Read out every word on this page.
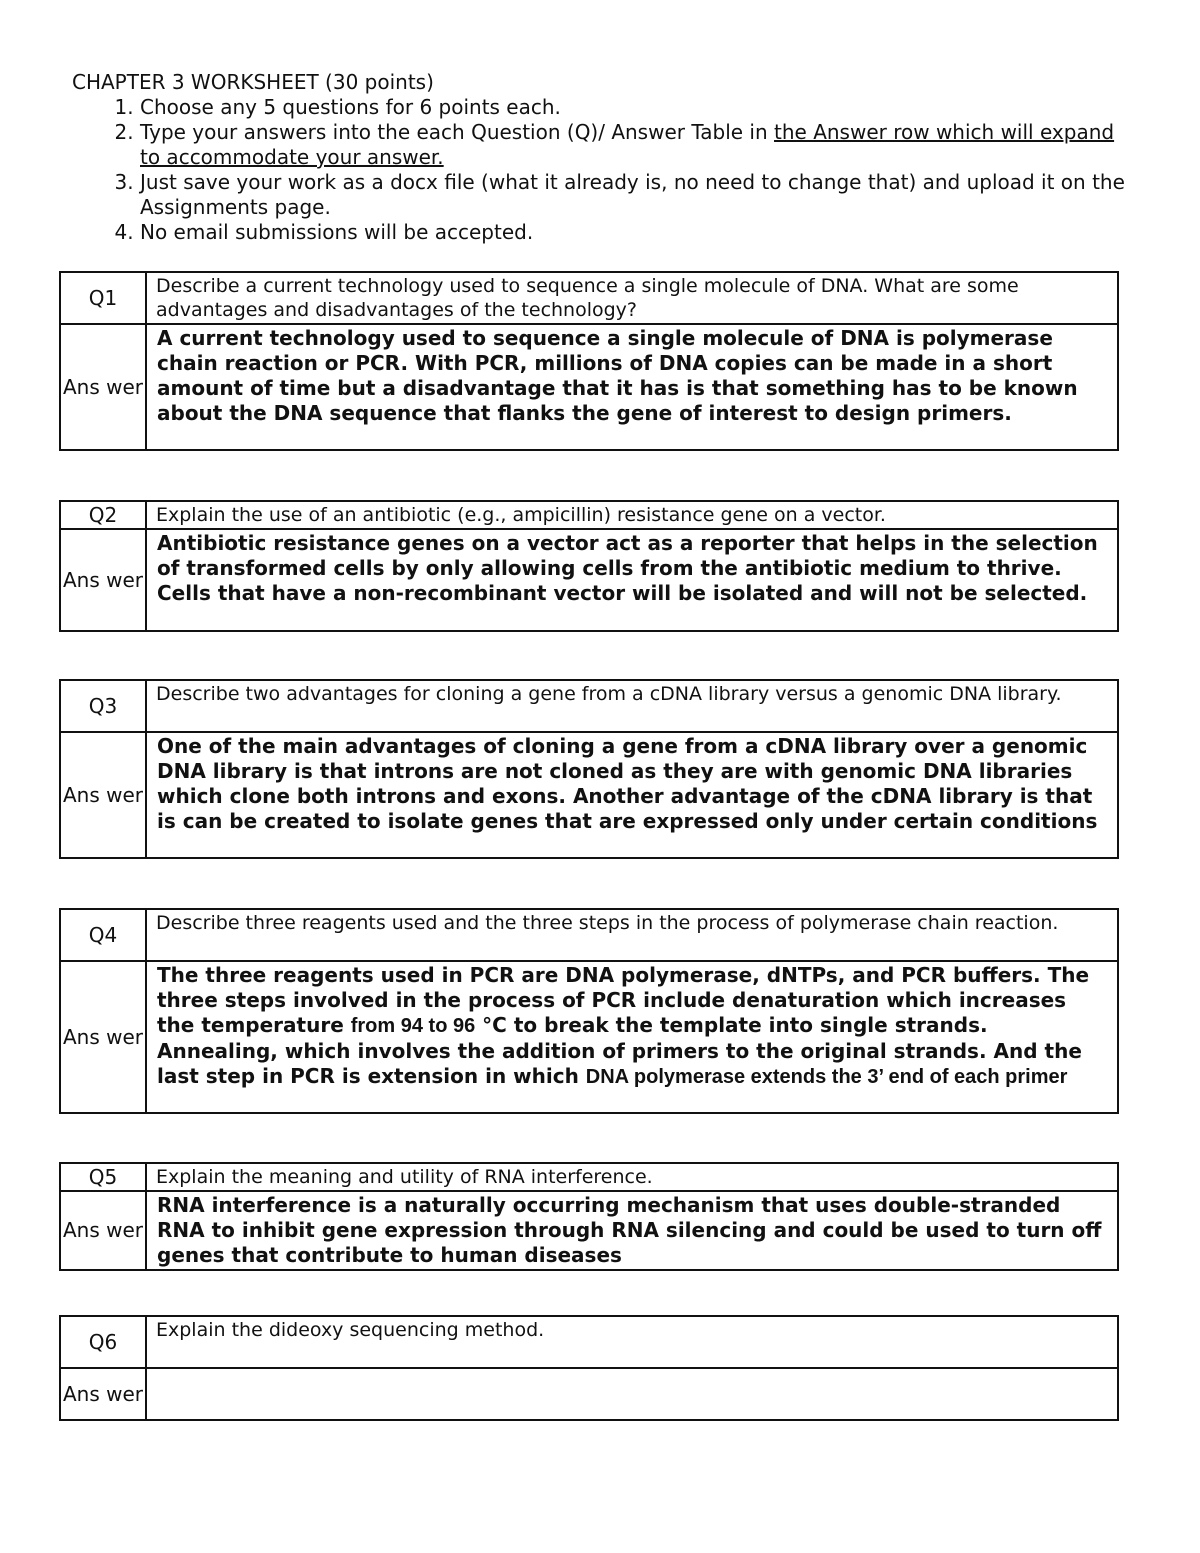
CHAPTER 3 WORKSHEET (30 points)
1. Choose any 5 questions for 6 points each.
2. Type your answers into the each Question (Q)/ Answer Table in the Answer row which will expand to accommodate your answer.
3. Just save your work as a docx file (what it already is, no need to change that) and upload it on the Assignments page.
4. No email submissions will be accepted.
Q1	Describe a current technology used to sequence a single molecule of DNA. What are some advantages and disadvantages of the technology?
Ans wer	A current technology used to sequence a single molecule of DNA is polymerase chain reaction or PCR. With PCR, millions of DNA copies can be made in a short amount of time but a disadvantage that it has is that something has to be known about the DNA sequence that flanks the gene of interest to design primers.
Q2	Explain the use of an antibiotic (e.g., ampicillin) resistance gene on a vector.
Ans wer	Antibiotic resistance genes on a vector act as a reporter that helps in the selection of transformed cells by only allowing cells from the antibiotic medium to thrive. Cells that have a non-recombinant vector will be isolated and will not be selected.
Q3	Describe two advantages for cloning a gene from a cDNA library versus a genomic DNA library.
Ans wer	One of the main advantages of cloning a gene from a cDNA library over a genomic DNA library is that introns are not cloned as they are with genomic DNA libraries which clone both introns and exons. Another advantage of the cDNA library is that is can be created to isolate genes that are expressed only under certain conditions
Q4	Describe three reagents used and the three steps in the process of polymerase chain reaction.
Ans wer	The three reagents used in PCR are DNA polymerase, dNTPs, and PCR buffers. The three steps involved in the process of PCR include denaturation which increases the temperature from 94 to 96 °C to break the template into single strands. Annealing, which involves the addition of primers to the original strands. And the last step in PCR is extension in which DNA polymerase extends the 3’ end of each primer
Q5	Explain the meaning and utility of RNA interference.
Ans wer	RNA interference is a naturally occurring mechanism that uses double-stranded RNA to inhibit gene expression through RNA silencing and could be used to turn off genes that contribute to human diseases
Q6	Explain the dideoxy sequencing method.
Ans wer	
